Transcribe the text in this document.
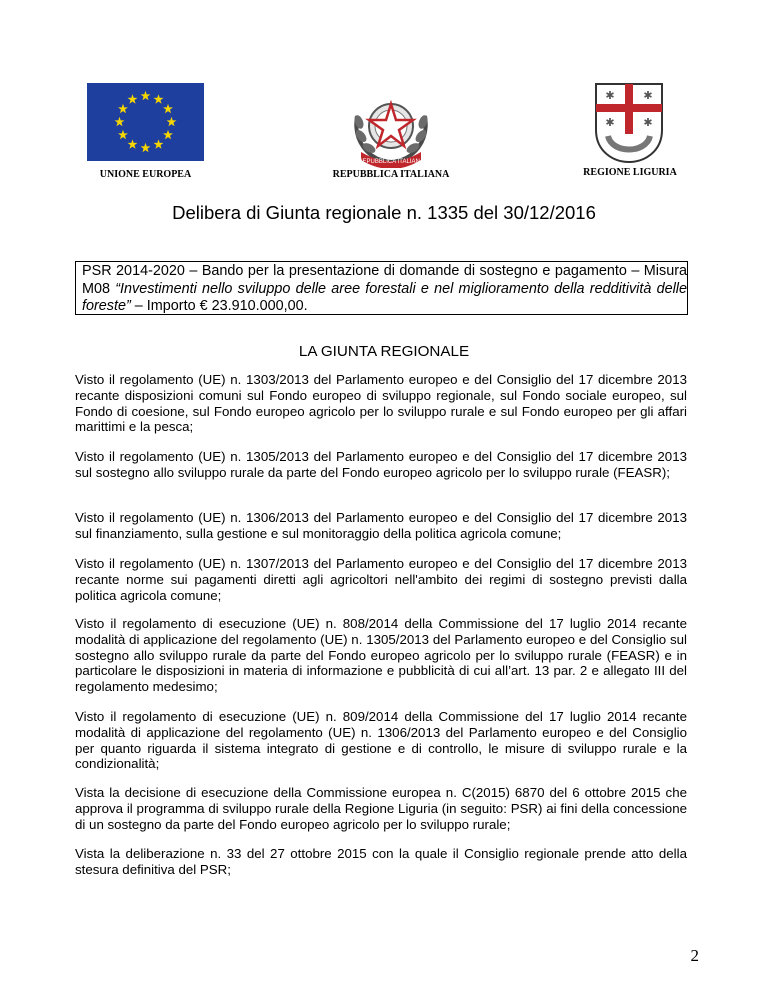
UNIONE EUROPEA
REPUBBLICA ITALIANA
REPUBBLICA ITALIANA
✱	✱
✱	✱
REGIONE LIGURIA
Delibera di Giunta regionale n. 1335 del 30/12/2016

PSR 2014-2020 – Bando per la presentazione di domande di sostegno e pagamento – Misura M08 “Investimenti nello sviluppo delle aree forestali e nel miglioramento della redditività delle foreste” – Importo € 23.910.000,00.

LA GIUNTA REGIONALE

Visto il regolamento (UE) n. 1303/2013 del Parlamento europeo e del Consiglio del 17 dicembre 2013 recante disposizioni comuni sul Fondo europeo di sviluppo regionale, sul Fondo sociale europeo, sul Fondo di coesione, sul Fondo europeo agricolo per lo sviluppo rurale e sul Fondo europeo per gli affari marittimi e la pesca;

Visto il regolamento (UE) n. 1305/2013 del Parlamento europeo e del Consiglio del 17 dicembre 2013 sul sostegno allo sviluppo rurale da parte del Fondo europeo agricolo per lo sviluppo rurale (FEASR);

Visto il regolamento (UE) n. 1306/2013 del Parlamento europeo e del Consiglio del 17 dicembre 2013 sul finanziamento, sulla gestione e sul monitoraggio della politica agricola comune;

Visto il regolamento (UE) n. 1307/2013 del Parlamento europeo e del Consiglio del 17 dicembre 2013 recante norme sui pagamenti diretti agli agricoltori nell'ambito dei regimi di sostegno previsti dalla politica agricola comune;

Visto il regolamento di esecuzione (UE) n. 808/2014 della Commissione del 17 luglio 2014 recante modalità di applicazione del regolamento (UE) n. 1305/2013 del Parlamento europeo e del Consiglio sul sostegno allo sviluppo rurale da parte del Fondo europeo agricolo per lo sviluppo rurale (FEASR) e in particolare le disposizioni in materia di informazione e pubblicità di cui all’art. 13 par. 2 e allegato III del regolamento medesimo;

Visto il regolamento di esecuzione (UE) n. 809/2014 della Commissione del 17 luglio 2014 recante modalità di applicazione del regolamento (UE) n. 1306/2013 del Parlamento europeo e del Consiglio per quanto riguarda il sistema integrato di gestione e di controllo, le misure di sviluppo rurale e la condizionalità;

Vista la decisione di esecuzione della Commissione europea n. C(2015) 6870 del 6 ottobre 2015 che approva il programma di sviluppo rurale della Regione Liguria (in seguito: PSR) ai fini della concessione di un sostegno da parte del Fondo europeo agricolo per lo sviluppo rurale;

Vista la deliberazione n. 33 del 27 ottobre 2015 con la quale il Consiglio regionale prende atto della stesura definitiva del PSR;

2
